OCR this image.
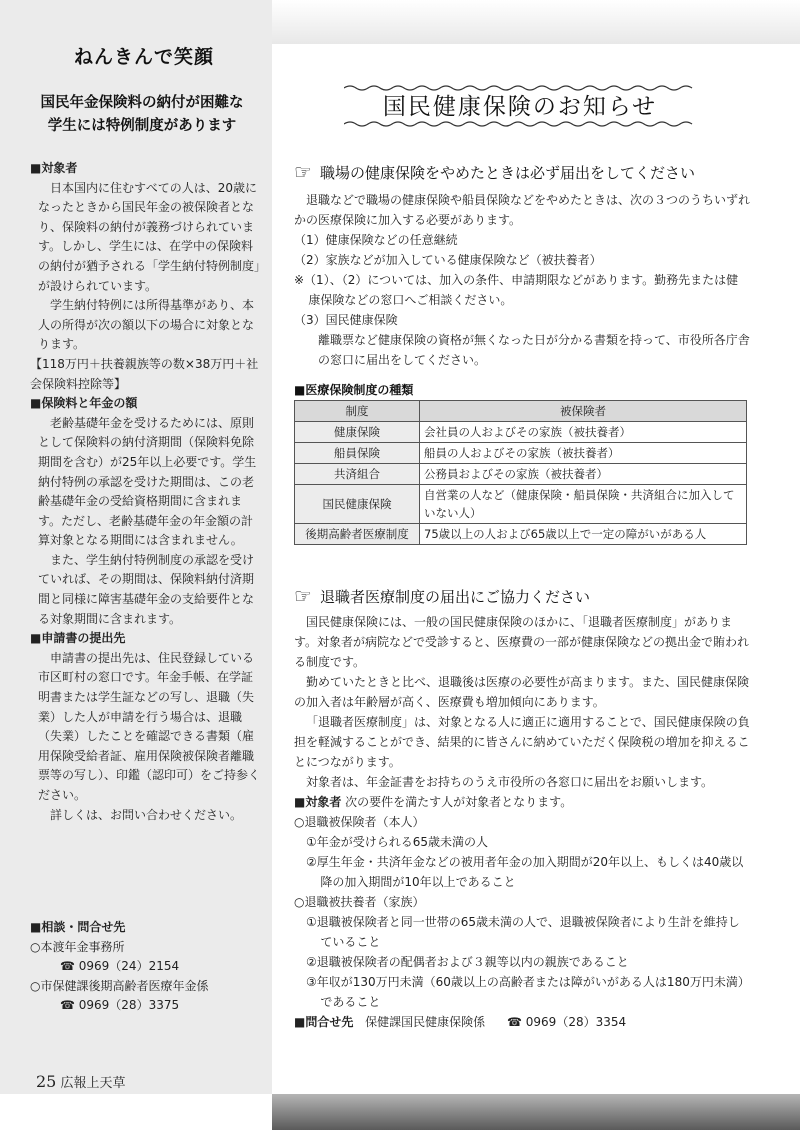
ねんきんで笑顔
国民年金保険料の納付が困難な
学生には特例制度があります

■対象者

日本国内に住むすべての人は、20歳になったときから国民年金の被保険者となり、保険料の納付が義務づけられています。しかし、学生には、在学中の保険料の納付が猶予される「学生納付特例制度」が設けられています。

学生納付特例には所得基準があり、本人の所得が次の額以下の場合に対象となります。

【118万円＋扶養親族等の数×38万円＋社会保険料控除等】

■保険料と年金の額

老齢基礎年金を受けるためには、原則として保険料の納付済期間（保険料免除期間を含む）が25年以上必要です。学生納付特例の承認を受けた期間は、この老齢基礎年金の受給資格期間に含まれます。ただし、老齢基礎年金の年金額の計算対象となる期間には含まれません。

また、学生納付特例制度の承認を受けていれば、その期間は、保険料納付済期間と同様に障害基礎年金の支給要件となる対象期間に含まれます。

■申請書の提出先

申請書の提出先は、住民登録している市区町村の窓口です。年金手帳、在学証明書または学生証などの写し、退職（失業）した人が申請を行う場合は、退職（失業）したことを確認できる書類（雇用保険受給者証、雇用保険被保険者離職票等の写し）、印鑑（認印可）をご持参ください。

詳しくは、お問い合わせください。

■相談・問合せ先

○本渡年金事務所

☎ 0969（24）2154

○市保健課後期高齢者医療年金係

☎ 0969（28）3375

25 広報上天草
国民健康保険のお知らせ
☞ 職場の健康保険をやめたときは必ず届出をしてください

退職などで職場の健康保険や船員保険などをやめたときは、次の３つのうちいずれかの医療保険に加入する必要があります。

（1）健康保険などの任意継続

（2）家族などが加入している健康保険など（被扶養者）

※（1）、（2）については、加入の条件、申請期限などがあります。勤務先または健康保険などの窓口へご相談ください。

（3）国民健康保険

離職票など健康保険の資格が無くなった日が分かる書類を持って、市役所各庁舎の窓口に届出をしてください。

■医療保険制度の種類
制度	被保険者
健康保険	会社員の人およびその家族（被扶養者）
船員保険	船員の人およびその家族（被扶養者）
共済組合	公務員およびその家族（被扶養者）
国民健康保険	自営業の人など（健康保険・船員保険・共済組合に加入していない人）
後期高齢者医療制度	75歳以上の人および65歳以上で一定の障がいがある人
☞ 退職者医療制度の届出にご協力ください

国民健康保険には、一般の国民健康保険のほかに、「退職者医療制度」があります。対象者が病院などで受診すると、医療費の一部が健康保険などの拠出金で賄われる制度です。

勤めていたときと比べ、退職後は医療の必要性が高まります。また、国民健康保険の加入者は年齢層が高く、医療費も増加傾向にあります。

「退職者医療制度」は、対象となる人に適正に適用することで、国民健康保険の負担を軽減することができ、結果的に皆さんに納めていただく保険税の増加を抑えることにつながります。

対象者は、年金証書をお持ちのうえ市役所の各窓口に届出をお願いします。

■対象者 次の要件を満たす人が対象者となります。

○退職被保険者（本人）

①年金が受けられる65歳未満の人

②厚生年金・共済年金などの被用者年金の加入期間が20年以上、もしくは40歳以降の加入期間が10年以上であること

○退職被扶養者（家族）

①退職被保険者と同一世帯の65歳未満の人で、退職被保険者により生計を維持していること

②退職被保険者の配偶者および３親等以内の親族であること

③年収が130万円未満（60歳以上の高齢者または障がいがある人は180万円未満）であること

■問合せ先 保健課国民健康保険係 ☎ 0969（28）3354
